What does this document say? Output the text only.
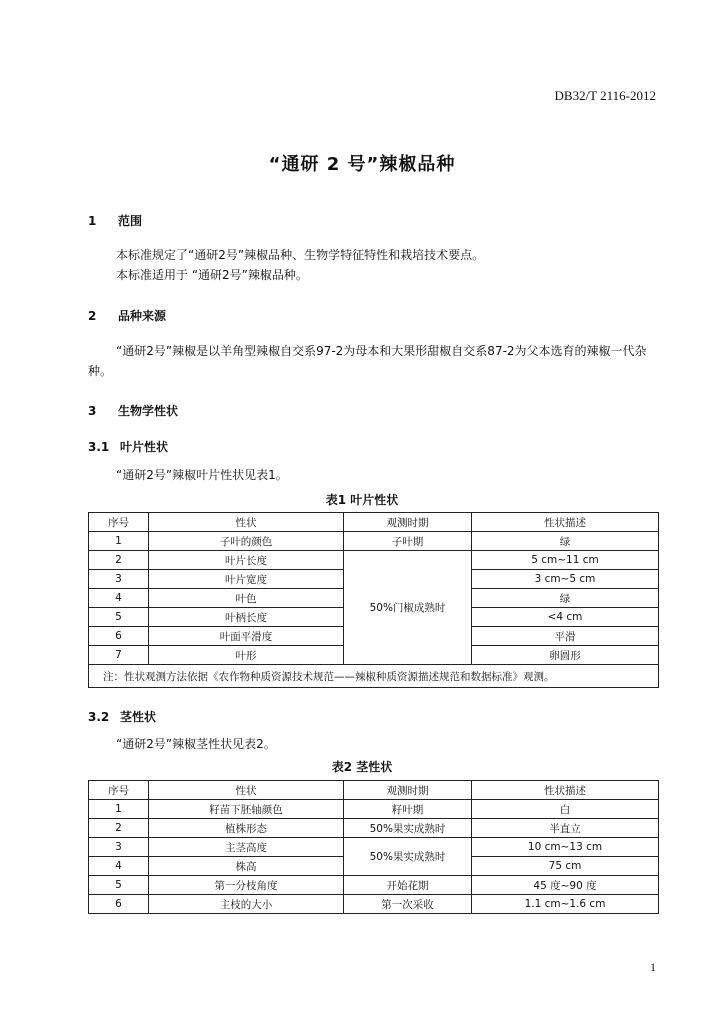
DB32/T 2116-2012
“通研 2 号”辣椒品种
1 范围
本标准规定了“通研2号”辣椒品种、生物学特征特性和栽培技术要点。
本标准适用于 “通研2号”辣椒品种。
2 品种来源
“通研2号”辣椒是以羊角型辣椒自交系97-2为母本和大果形甜椒自交系87-2为父本选育的辣椒一代杂种。
3 生物学性状
3.1 叶片性状
“通研2号”辣椒叶片性状见表1。
表1 叶片性状
序号	性状	观测时期	性状描述
1	子叶的颜色	子叶期	绿
2	叶片长度	50%门椒成熟时	5 cm~11 cm
3	叶片宽度		3 cm~5 cm
4	叶色		绿
5	叶柄长度		<4 cm
6	叶面平滑度		平滑
7	叶形		卵圆形
注：性状观测方法依据《农作物种质资源技术规范——辣椒种质资源描述规范和数据标准》观测。			
3.2 茎性状
“通研2号”辣椒茎性状见表2。
表2 茎性状
序号	性状	观测时期	性状描述
1	籽苗下胚轴颜色	籽叶期	白
2	植株形态	50%果实成熟时	半直立
3	主茎高度	50%果实成熟时	10 cm~13 cm
4	株高		75 cm
5	第一分枝角度	开始花期	45 度~90 度
6	主枝的大小	第一次采收	1.1 cm~1.6 cm
1
